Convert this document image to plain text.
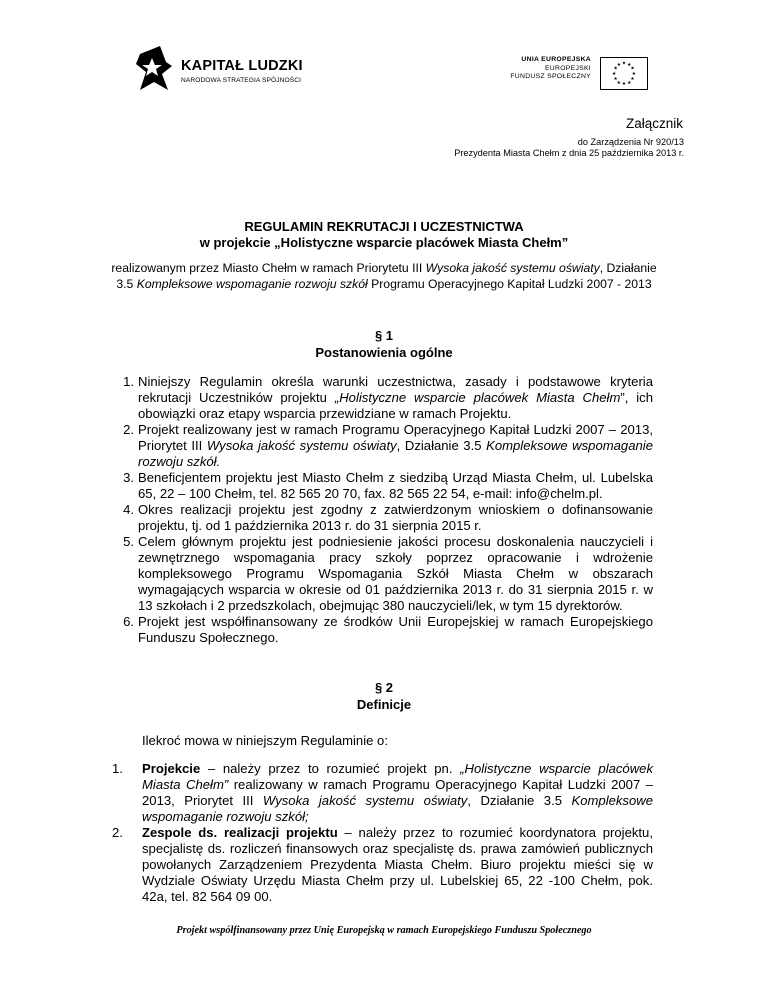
KAPITAŁ LUDZKI
NARODOWA STRATEGIA SPÓJNOŚCI
UNIA EUROPEJSKA
EUROPEJSKI
FUNDUSZ SPOŁECZNY
★ ★
★
★
★
★
★
★
★
★
★
★
Załącznik
do Zarządzenia Nr 920/13
Prezydenta Miasta Chełm z dnia 25 października 2013 r.
REGULAMIN REKRUTACJI I UCZESTNICTWA
w projekcie „Holistyczne wsparcie placówek Miasta Chełm”
realizowanym przez Miasto Chełm w ramach Priorytetu III Wysoka jakość systemu oświaty, Działanie
3.5 Kompleksowe wspomaganie rozwoju szkół Programu Operacyjnego Kapitał Ludzki 2007 - 2013
§ 1
Postanowienia ogólne
1. Niniejszy Regulamin określa warunki uczestnictwa, zasady i podstawowe kryteria rekrutacji Uczestników projektu „Holistyczne wsparcie placówek Miasta Chełm”, ich obowiązki oraz etapy wsparcia przewidziane w ramach Projektu.
2. Projekt realizowany jest w ramach Programu Operacyjnego Kapitał Ludzki 2007 – 2013, Priorytet III Wysoka jakość systemu oświaty, Działanie 3.5 Kompleksowe wspomaganie rozwoju szkół.
3. Beneficjentem projektu jest Miasto Chełm z siedzibą Urząd Miasta Chełm, ul. Lubelska 65, 22 – 100 Chełm, tel. 82 565 20 70, fax. 82 565 22 54, e-mail: info@chelm.pl.
4. Okres realizacji projektu jest zgodny z zatwierdzonym wnioskiem o dofinansowanie projektu, tj. od 1 października 2013 r. do 31 sierpnia 2015 r.
5. Celem głównym projektu jest podniesienie jakości procesu doskonalenia nauczycieli i zewnętrznego wspomagania pracy szkoły poprzez opracowanie i wdrożenie kompleksowego Programu Wspomagania Szkół Miasta Chełm w obszarach wymagających wsparcia w okresie od 01 października 2013 r. do 31 sierpnia 2015 r. w 13 szkołach i 2 przedszkolach, obejmując 380 nauczycieli/lek, w tym 15 dyrektorów.
6. Projekt jest współfinansowany ze środków Unii Europejskiej w ramach Europejskiego Funduszu Społecznego.
§ 2
Definicje
Ilekroć mowa w niniejszym Regulaminie o:
1.	Projekcie – należy przez to rozumieć projekt pn. „Holistyczne wsparcie placówek Miasta Chełm” realizowany w ramach Programu Operacyjnego Kapitał Ludzki 2007 – 2013, Priorytet III Wysoka jakość systemu oświaty, Działanie 3.5 Kompleksowe wspomaganie rozwoju szkół;
2.	Zespole ds. realizacji projektu – należy przez to rozumieć koordynatora projektu, specjalistę ds. rozliczeń finansowych oraz specjalistę ds. prawa zamówień publicznych powołanych Zarządzeniem Prezydenta Miasta Chełm. Biuro projektu mieści się w Wydziale Oświaty Urzędu Miasta Chełm przy ul. Lubelskiej 65, 22 -100 Chełm, pok. 42a, tel. 82 564 09 00.
Projekt współfinansowany przez Unię Europejską w ramach Europejskiego Funduszu Społecznego
